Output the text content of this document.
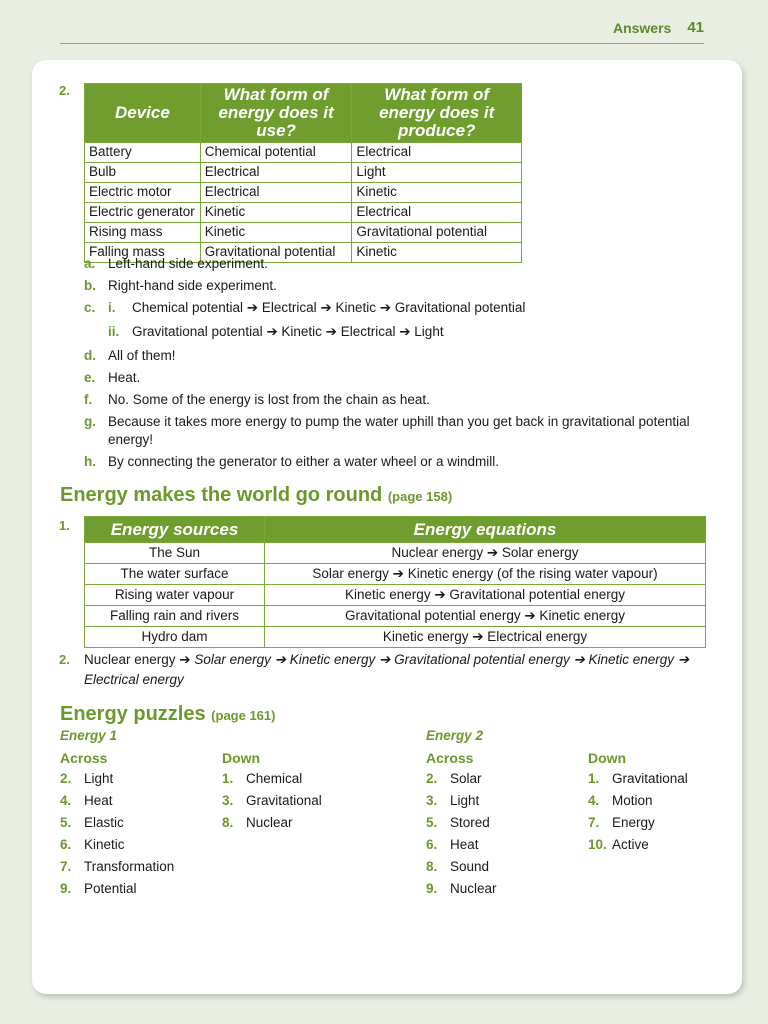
Answers 41
2.
Device	What form of energy does it use?	What form of energy does it produce?
Battery	Chemical potential	Electrical
Bulb	Electrical	Light
Electric motor	Electrical	Kinetic
Electric generator	Kinetic	Electrical
Rising mass	Kinetic	Gravitational potential
Falling mass	Gravitational potential	Kinetic
a. Left-hand side experiment.
b. Right-hand side experiment.
c. i. Chemical potential ➔ Electrical ➔ Kinetic ➔ Gravitational potential
ii. Gravitational potential ➔ Kinetic ➔ Electrical ➔ Light
d. All of them!
e. Heat.
f. No. Some of the energy is lost from the chain as heat.
g. Because it takes more energy to pump the water uphill than you get back in gravitational potential energy!
h. By connecting the generator to either a water wheel or a windmill.
Energy makes the world go round (page 158)
1. Energy sources	Energy equations
The Sun	Nuclear energy ➔ Solar energy
The water surface	Solar energy ➔ Kinetic energy (of the rising water vapour)
Rising water vapour	Kinetic energy ➔ Gravitational potential energy
Falling rain and rivers	Gravitational potential energy ➔ Kinetic energy
Hydro dam	Kinetic energy ➔ Electrical energy
2. Nuclear energy ➔ Solar energy ➔ Kinetic energy ➔ Gravitational potential energy ➔ Kinetic energy ➔ Electrical energy
Energy puzzles (page 161)
Energy 1	Energy 2
Across
2. Light
4. Heat
5. Elastic
6. Kinetic
7. Transformation
9. Potential
Down
1. Chemical
3. Gravitational
8. Nuclear
Across
2. Solar
3. Light
5. Stored
6. Heat
8. Sound
9. Nuclear
Down
1. Gravitational
4. Motion
7. Energy
10. Active
